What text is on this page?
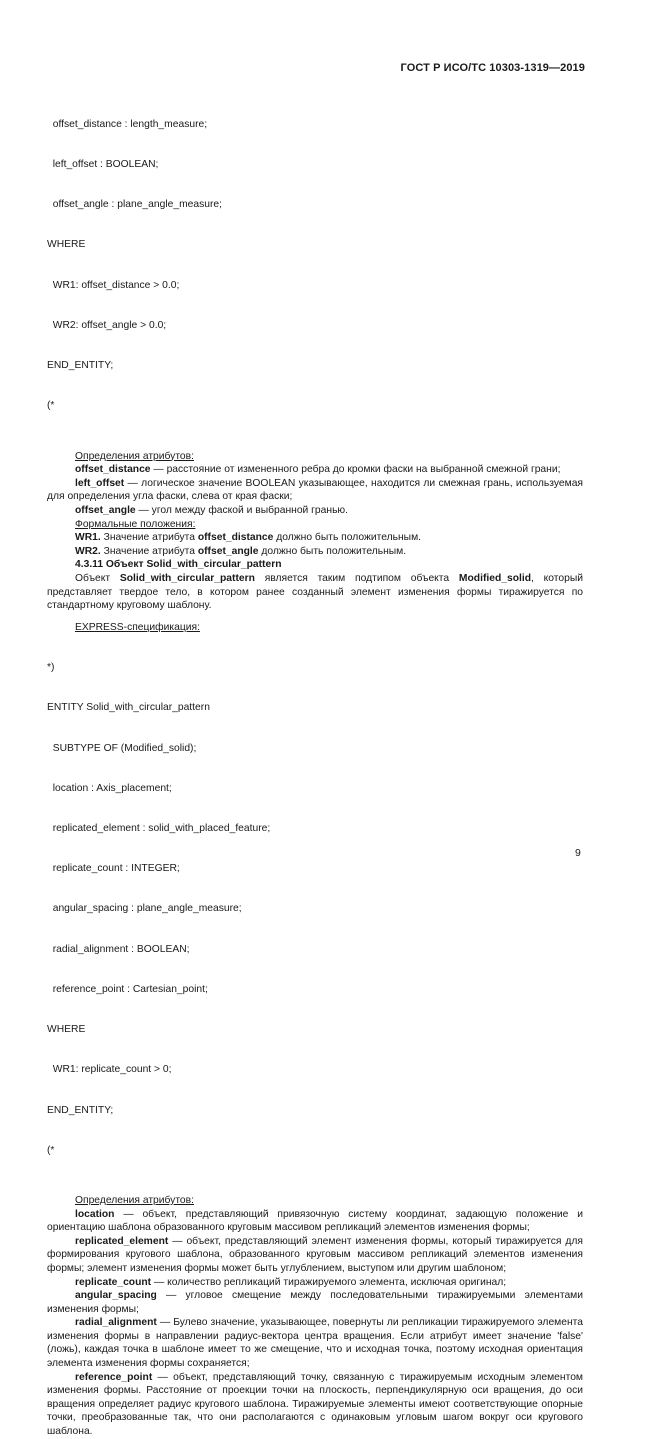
ГОСТ Р ИСО/ТС 10303-1319—2019

offset_distance : length_measure;

left_offset : BOOLEAN;

offset_angle : plane_angle_measure;

WHERE

WR1: offset_distance > 0.0;

WR2: offset_angle > 0.0;

END_ENTITY;

(*

Определения атрибутов:

offset_distance — расстояние от измененного ребра до кромки фаски на выбранной смежной грани;

left_offset — логическое значение BOOLEAN указывающее, находится ли смежная грань, используемая для определения угла фаски, слева от края фаски;

offset_angle — угол между фаской и выбранной гранью.

Формальные положения:

WR1. Значение атрибута offset_distance должно быть положительным.

WR2. Значение атрибута offset_angle должно быть положительным.

4.3.11 Объект Solid_with_circular_pattern

Объект Solid_with_circular_pattern является таким подтипом объекта Modified_solid, который представляет твердое тело, в котором ранее созданный элемент изменения формы тиражируется по стандартному круговому шаблону.

EXPRESS-спецификация:

*)

ENTITY Solid_with_circular_pattern

SUBTYPE OF (Modified_solid);

location : Axis_placement;

replicated_element : solid_with_placed_feature;

replicate_count : INTEGER;

angular_spacing : plane_angle_measure;

radial_alignment : BOOLEAN;

reference_point : Cartesian_point;

WHERE

WR1: replicate_count > 0;

END_ENTITY;

(*

Определения атрибутов:

location — объект, представляющий привязочную систему координат, задающую положение и ориентацию шаблона образованного круговым массивом репликаций элементов изменения формы;

replicated_element — объект, представляющий элемент изменения формы, который тиражируется для формирования кругового шаблона, образованного круговым массивом репликаций элементов изменения формы; элемент изменения формы может быть углублением, выступом или другим шаблоном;

replicate_count — количество репликаций тиражируемого элемента, исключая оригинал;

angular_spacing — угловое смещение между последовательными тиражируемыми элементами изменения формы;

radial_alignment — Булево значение, указывающее, повернуты ли репликации тиражируемого элемента изменения формы в направлении радиус-вектора центра вращения. Если атрибут имеет значение 'false' (ложь), каждая точка в шаблоне имеет то же смещение, что и исходная точка, поэтому исходная ориентация элемента изменения формы сохраняется;

reference_point — объект, представляющий точку, связанную с тиражируемым исходным элементом изменения формы. Расстояние от проекции точки на плоскость, перпендикулярную оси вращения, до оси вращения определяет радиус кругового шаблона. Тиражируемые элементы имеют соответствующие опорные точки, преобразованные так, что они располагаются с одинаковым угловым шагом вокруг оси кругового шаблона.

9
